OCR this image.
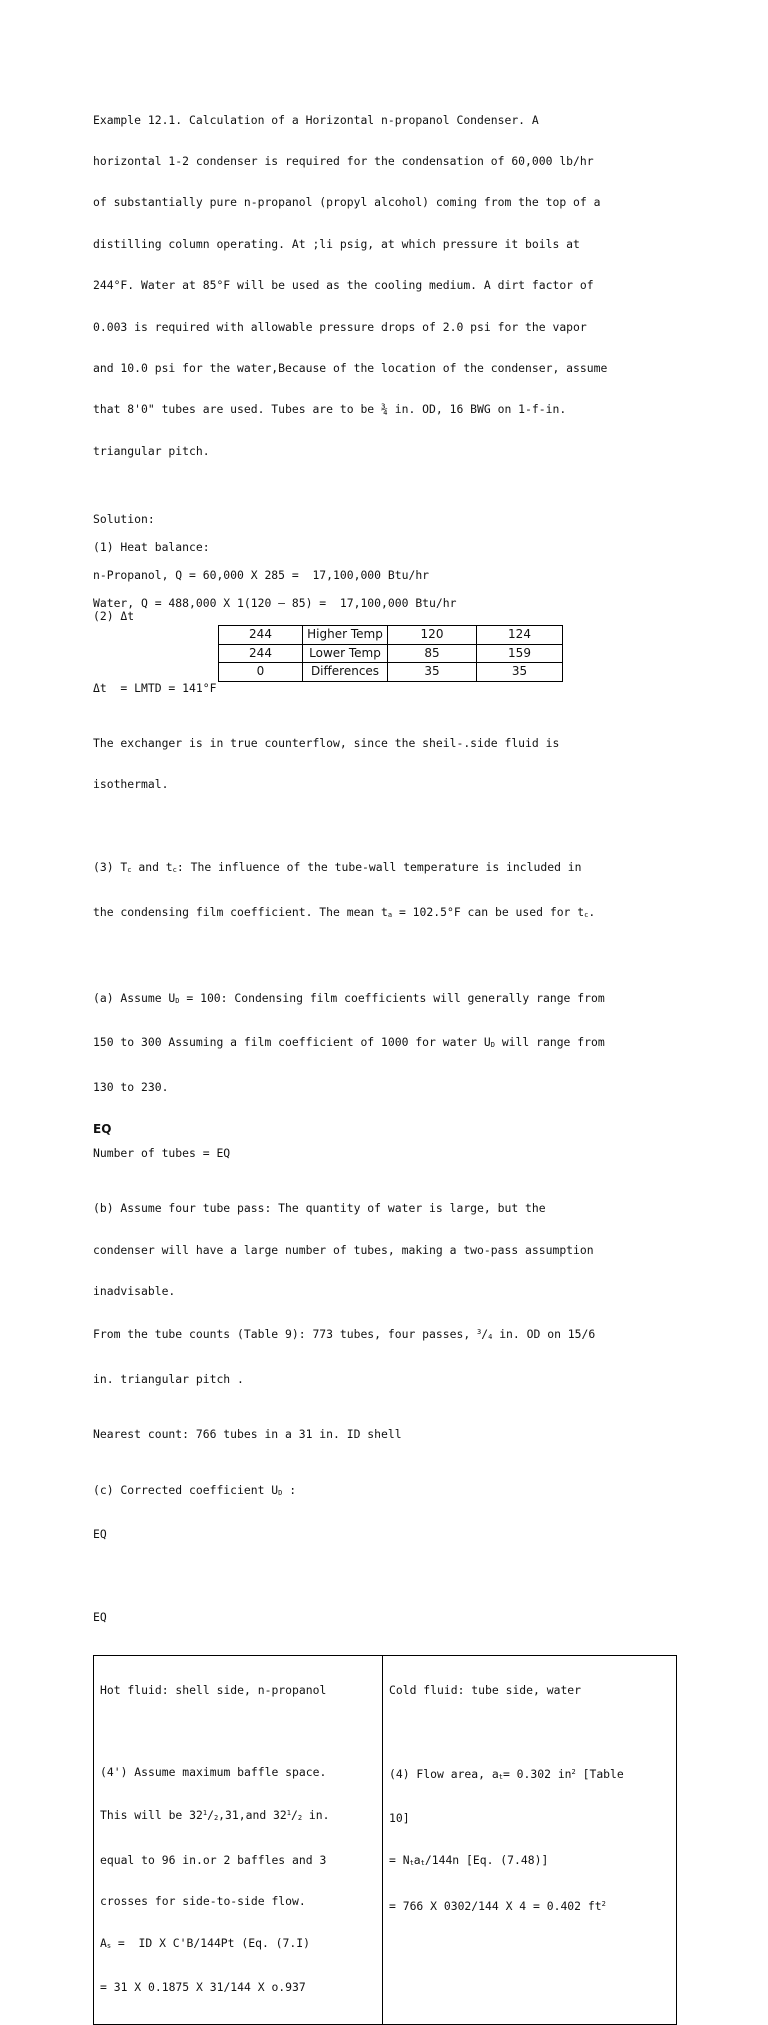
Example 12.1. Calculation of a Horizontal n-propanol Condenser. A

horizontal 1-2 condenser is required for the condensation of 60,000 lb/hr

of substantially pure n-propanol (propyl alcohol) coming from the top of a

distilling column operating. At ;li psig, at which pressure it boils at

244°F. Water at 85°F will be used as the cooling medium. A dirt factor of

0.003 is required with allowable pressure drops of 2.0 psi for the vapor

and 10.0 psi for the water,Because of the location of the condenser, assume

that 8'0" tubes are used. Tubes are to be ¾ in. OD, 16 BWG on 1-f-in.

triangular pitch.

Solution:
(1) Heat balance:
n-Propanol, Q = 60,000 X 285 =  17,100,000 Btu/hr
Water, Q = 488,000 X 1(120 – 85) =  17,100,000 Btu/hr
(2) Δt
244	Higher Temp	120	124
244	Lower Temp	85	159
0	Differences	35	35
Δt  = LMTD = 141°F

The exchanger is in true counterflow, since the sheil-.side fluid is

isothermal.

(3) $T_c$ and $t_c$: The influence of the tube-wall temperature is included in

the condensing film coefficient. The mean $t_a = 102.5^\circ F$ can be used for $t_c$.

(a) Assume $U_D = 100$: Condensing film coefficients will generally range from

150 to 300 Assuming a film coefficient of 1000 for water $U_D$ will range from

130 to 230.

EQ
Number of tubes = EQ

(b) Assume four tube pass: The quantity of water is large, but the

condenser will have a large number of tubes, making a two-pass assumption

inadvisable.

From the tube counts (Table 9): 773 tubes, four passes, $^3/_4$ in. OD on 15/6

in. triangular pitch .

Nearest count: 766 tubes in a 31 in. ID shell

(c) Corrected coefficient $U_D$ :

EQ

EQ

Hot fluid: shell side, n-propanol

(4') Assume maximum baffle space.

This will be $32^1/_2,31,and$ $32^1/_2$ in.

equal to 96 in.or 2 baffles and 3

crosses for side-to-side flow.

$A_s$ =  ID X C'B/144Pt (Eq. (7.I)

= 31 X 0.1875 X 31/144 X o.937

Cold fluid: tube side, water

(4) Flow area, $a_t= 0.302$ $in^2$ [Table

10]

= $N_ta_t/144n$ [Eq. (7.48)]

= 766 X 0302/144 X 4 = 0.402 $ft^2$
